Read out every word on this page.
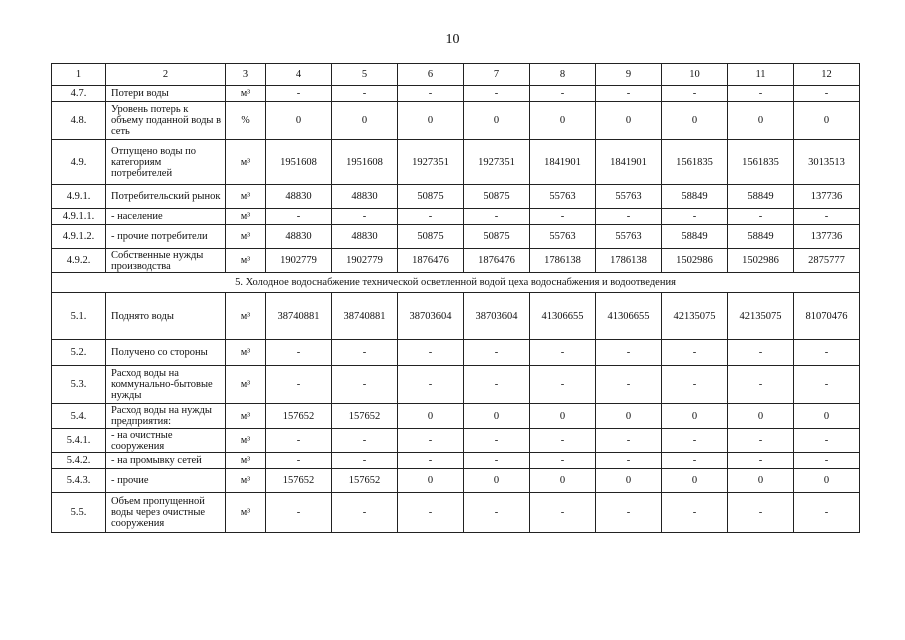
10
1	2	3	4	5	6	7	8	9	10	11	12
4.7.	Потери воды	м³	-	-	-	-	-	-	-	-	-
4.8.	Уровень потерь к объему поданной воды в сеть	%	0	0	0	0	0	0	0	0	0
4.9.	Отпущено воды по категориям потребителей	м³	1951608	1951608	1927351	1927351	1841901	1841901	1561835	1561835	3013513
4.9.1.	Потребительский рынок	м³	48830	48830	50875	50875	55763	55763	58849	58849	137736
4.9.1.1.	- население	м³	-	-	-	-	-	-	-	-	-
4.9.1.2.	- прочие потребители	м³	48830	48830	50875	50875	55763	55763	58849	58849	137736
4.9.2.	Собственные нужды производства	м³	1902779	1902779	1876476	1876476	1786138	1786138	1502986	1502986	2875777
5. Холодное водоснабжение технической осветленной водой цеха водоснабжения и водоотведения											
5.1.	Поднято воды	м³	38740881	38740881	38703604	38703604	41306655	41306655	42135075	42135075	81070476
5.2.	Получено со стороны	м³	-	-	-	-	-	-	-	-	-
5.3.	Расход воды на коммунально-бытовые нужды	м³	-	-	-	-	-	-	-	-	-
5.4.	Расход воды на нужды предприятия:	м³	157652	157652	0	0	0	0	0	0	0
5.4.1.	- на очистные сооружения	м³	-	-	-	-	-	-	-	-	-
5.4.2.	- на промывку сетей	м³	-	-	-	-	-	-	-	-	-
5.4.3.	- прочие	м³	157652	157652	0	0	0	0	0	0	0
5.5.	Объем пропущенной воды через очистные сооружения	м³	-	-	-	-	-	-	-	-	-
